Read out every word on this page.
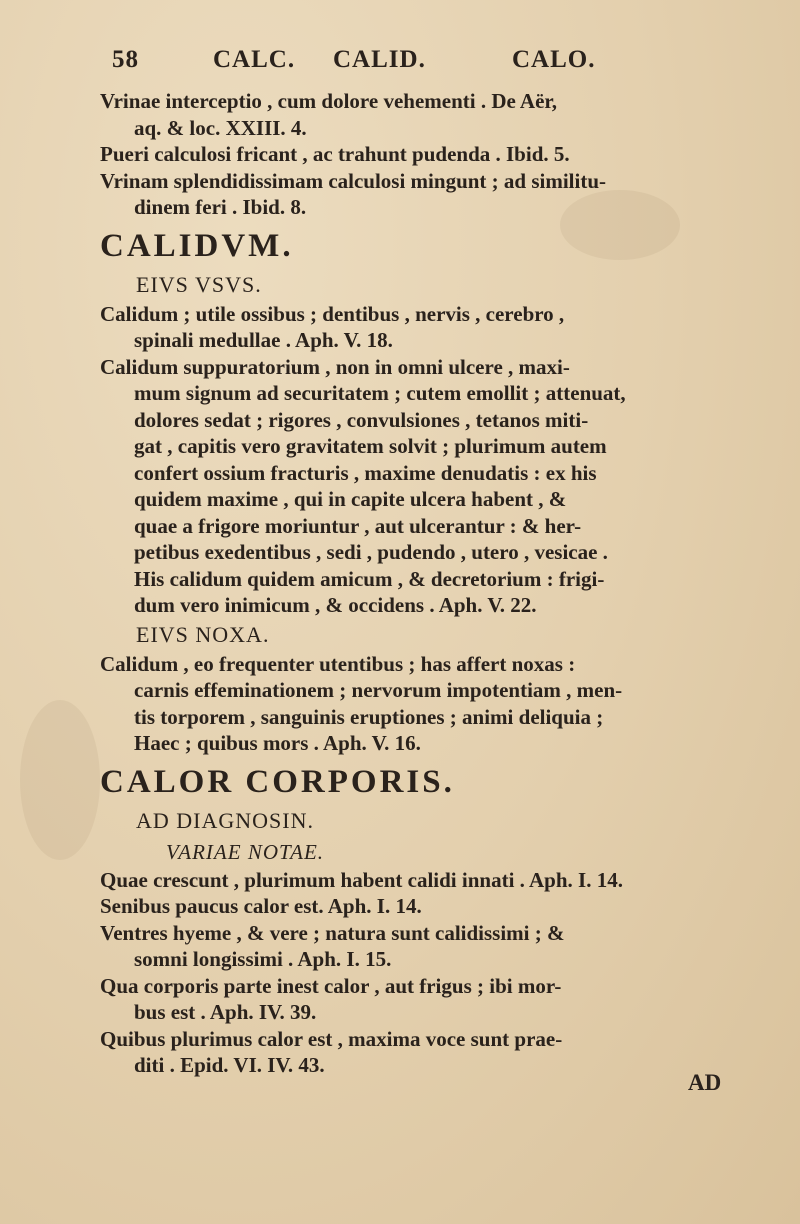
58	CALC. CALID.	CALO.
Vrinae interceptio , cum dolore vehementi . De Aër,
aq. & loc. XXIII. 4.
Pueri calculosi fricant , ac trahunt pudenda . Ibid. 5.
Vrinam splendidissimam calculosi mingunt ; ad similitu-
dinem feri . Ibid. 8.
CALIDVM.
EIVS VSVS.
Calidum ; utile ossibus ; dentibus , nervis , cerebro ,
spinali medullae . Aph. V. 18.
Calidum suppuratorium , non in omni ulcere , maxi-
mum signum ad securitatem ; cutem emollit ; attenuat,
dolores sedat ; rigores , convulsiones , tetanos miti-
gat , capitis vero gravitatem solvit ; plurimum autem
confert ossium fracturis , maxime denudatis : ex his
quidem maxime , qui in capite ulcera habent , &
quae a frigore moriuntur , aut ulcerantur : & her-
petibus exedentibus , sedi , pudendo , utero , vesicae .
His calidum quidem amicum , & decretorium : frigi-
dum vero inimicum , & occidens . Aph. V. 22.
EIVS NOXA.
Calidum , eo frequenter utentibus ; has affert noxas :
carnis effeminationem ; nervorum impotentiam , men-
tis torporem , sanguinis eruptiones ; animi deliquia ;
Haec ; quibus mors . Aph. V. 16.
CALOR CORPORIS.
AD DIAGNOSIN.
VARIAE NOTAE.
Quae crescunt , plurimum habent calidi innati . Aph. I. 14.
Senibus paucus calor est. Aph. I. 14.
Ventres hyeme , & vere ; natura sunt calidissimi ; &
somni longissimi . Aph. I. 15.
Qua corporis parte inest calor , aut frigus ; ibi mor-
bus est . Aph. IV. 39.
Quibus plurimus calor est , maxima voce sunt prae-
diti . Epid. VI. IV. 43.
AD
